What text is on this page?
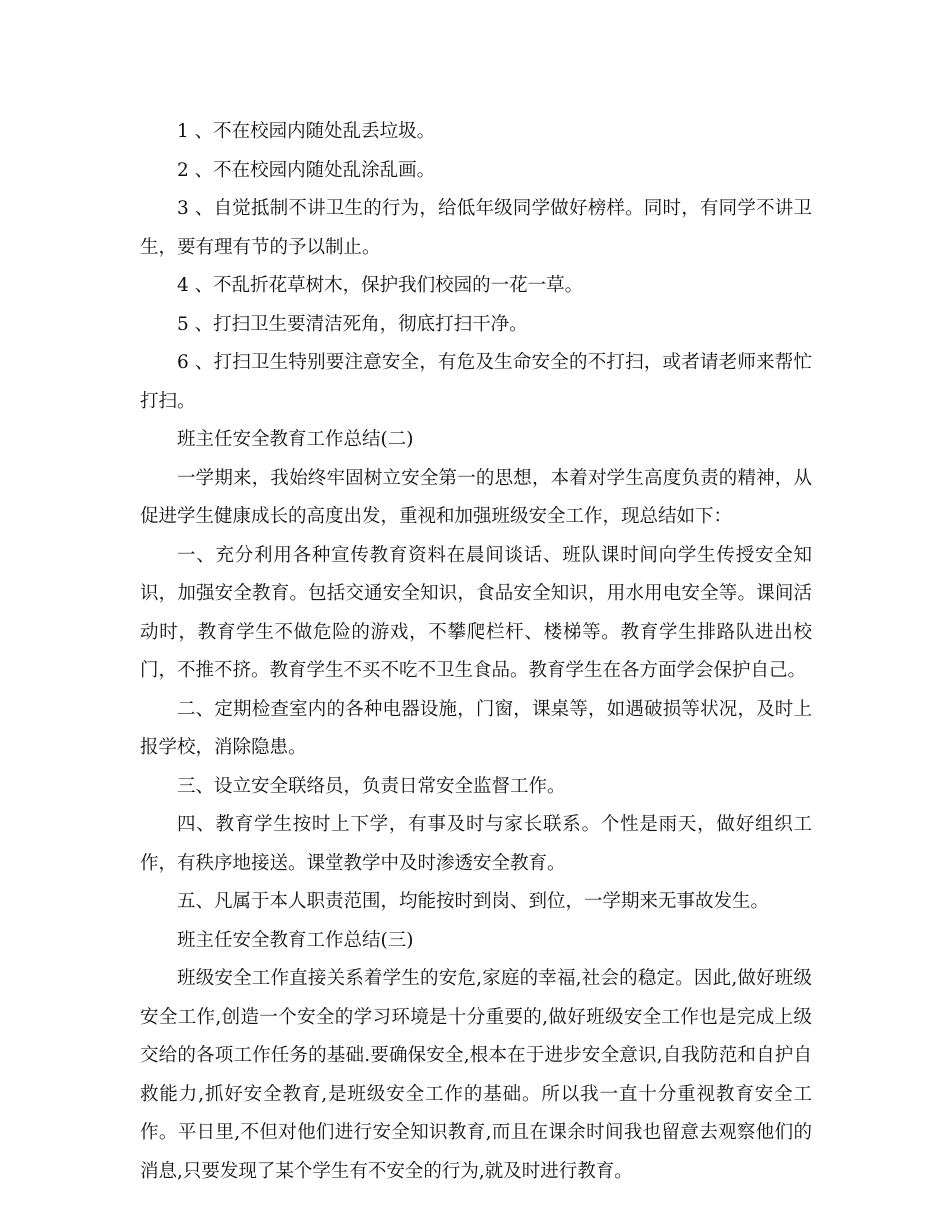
1 、不在校园内随处乱丢垃圾。

2 、不在校园内随处乱涂乱画。

3 、自觉抵制不讲卫生的行为，给低年级同学做好榜样。同时，有同学不讲卫生，要有理有节的予以制止。

4 、不乱折花草树木，保护我们校园的一花一草。

5 、打扫卫生要清洁死角，彻底打扫干净。

6 、打扫卫生特别要注意安全，有危及生命安全的不打扫，或者请老师来帮忙打扫。

班主任安全教育工作总结(二)

一学期来，我始终牢固树立安全第一的思想，本着对学生高度负责的精神，从促进学生健康成长的高度出发，重视和加强班级安全工作，现总结如下：

一、充分利用各种宣传教育资料在晨间谈话、班队课时间向学生传授安全知识，加强安全教育。包括交通安全知识，食品安全知识，用水用电安全等。课间活动时，教育学生不做危险的游戏，不攀爬栏杆、楼梯等。教育学生排路队进出校门，不推不挤。教育学生不买不吃不卫生食品。教育学生在各方面学会保护自己。

二、定期检查室内的各种电器设施，门窗，课桌等，如遇破损等状况，及时上报学校，消除隐患。

三、设立安全联络员，负责日常安全监督工作。

四、教育学生按时上下学，有事及时与家长联系。个性是雨天，做好组织工作，有秩序地接送。课堂教学中及时渗透安全教育。

五、凡属于本人职责范围，均能按时到岗、到位，一学期来无事故发生。

班主任安全教育工作总结(三)

班级安全工作直接关系着学生的安危,家庭的幸福,社会的稳定。因此,做好班级安全工作,创造一个安全的学习环境是十分重要的,做好班级安全工作也是完成上级交给的各项工作任务的基础.要确保安全,根本在于进步安全意识,自我防范和自护自救能力,抓好安全教育,是班级安全工作的基础。所以我一直十分重视教育安全工作。平日里,不但对他们进行安全知识教育,而且在课余时间我也留意去观察他们的消息,只要发现了某个学生有不安全的行为,就及时进行教育。
